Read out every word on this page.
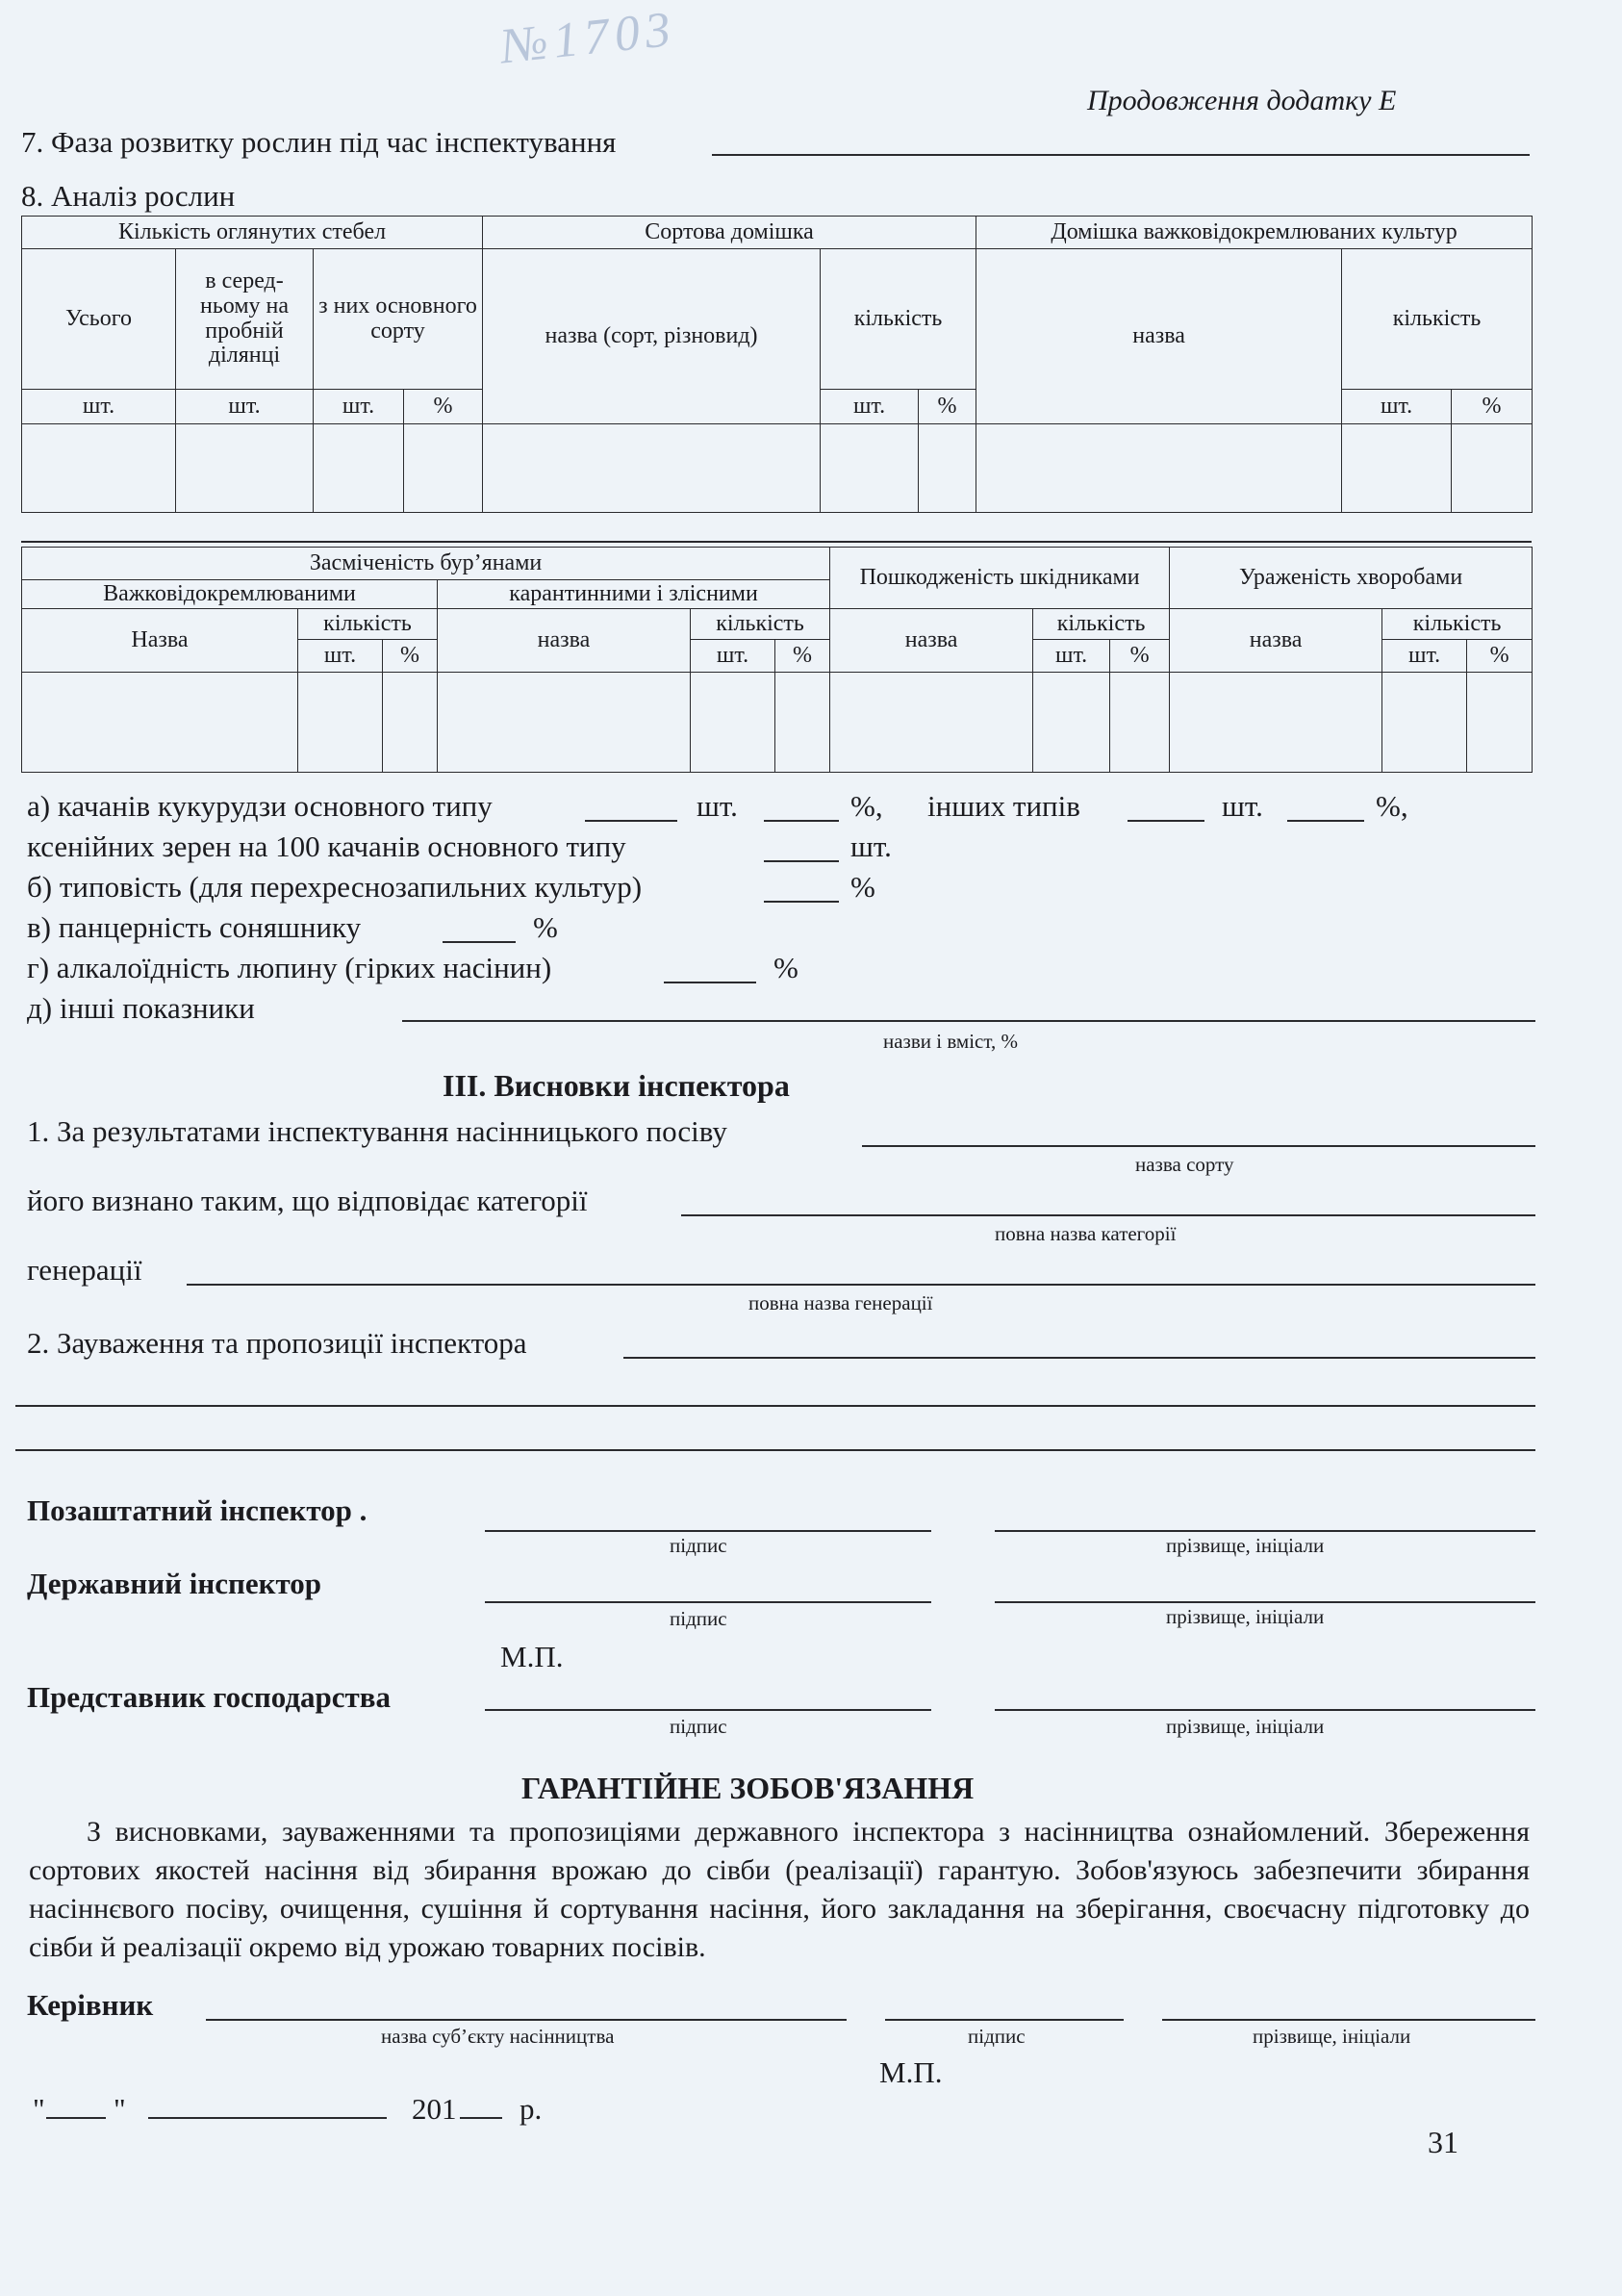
№1703
Продовження додатку Е
7. Фаза розвитку рослин під час інспектування
8. Аналіз рослин
Кількість оглянутих стебел				Сортова домішка			Домішка важковідокремлюваних культур		
Усього	в серед-ньому на пробній ділянці	з них основного сорту		назва (сорт, різновид)	кількість		назва	кількість	
шт.	шт.	шт.	%		шт.	%		шт.	%

Засміченість бур’янами						Пошкодженість шкідниками			Ураженість хворобами		
Важковідокремлюваними			карантинними і злісними								
Назва	кількість		назва	кількість		назва	кількість		назва	кількість	
	шт.	%		шт.	%		шт.	%		шт.	%

а) качанів кукурудзи основного типу	шт.	%, інших типів	шт.	%,
ксенійних зерен на 100 качанів основного типу	шт.
б) типовість (для перехреснозапильних культур)	%
в) панцерність соняшнику	%
г) алкалоїдність люпину (гірких насінин)	%
д) інші показники
назви і вміст, %
III. Висновки інспектора
1. За результатами інспектування насінницького посіву
назва сорту
його визнано таким, що відповідає категорії
повна назва категорії
генерації
повна назва генерації
2. Зауваження та пропозиції інспектора
Позаштатний інспектор .
підпис	прізвище, ініціали
Державний інспектор
підпис	прізвище, ініціали
М.П.
Представник господарства
підпис	прізвище, ініціали
ГАРАНТІЙНЕ ЗОБОВ'ЯЗАННЯ
З висновками, зауваженнями та пропозиціями державного інспектора з насінництва ознайомлений. Збереження сортових якостей насіння від збирання врожаю до сівби (реалізації) гарантую. Зобов'язуюсь забезпечити збирання насіннєвого посіву, очищення, сушіння й сортування насіння, його закладання на зберігання, своєчасну підготовку до сівби й реалізації окремо від урожаю товарних посівів.
Керівник
назва суб’єкту насінництва	підпис	прізвище, ініціали
М.П.
" "	201 р.
31
